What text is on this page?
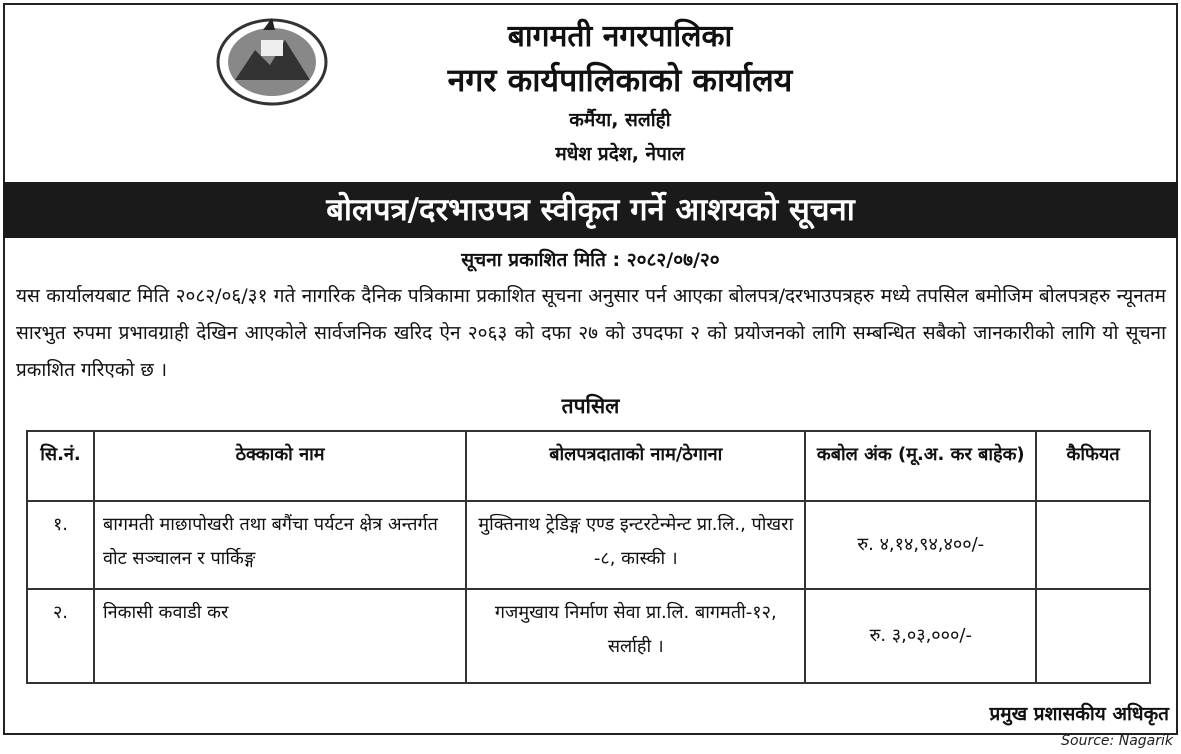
बागमती नगरपालिका
नगर कार्यपालिकाको कार्यालय
कर्मैया, सर्लाही
मधेश प्रदेश, नेपाल
बोलपत्र/दरभाउपत्र स्वीकृत गर्ने आशयको सूचना
सूचना प्रकाशित मिति : २०८२/०७/२०
यस कार्यालयबाट मिति २०८२/०६/३१ गते नागरिक दैनिक पत्रिकामा प्रकाशित सूचना अनुसार पर्न आएका बोलपत्र/दरभाउपत्रहरु मध्ये तपसिल बमोजिम बोलपत्रहरु न्यूनतम सारभुत रुपमा प्रभावग्राही देखिन आएकोले सार्वजनिक खरिद ऐन २०६३ को दफा २७ को उपदफा २ को प्रयोजनको लागि सम्बन्धित सबैको जानकारीको लागि यो सूचना प्रकाशित गरिएको छ ।
तपसिल
सि.नं.	ठेक्काको नाम	बोलपत्रदाताको नाम/ठेगाना	कबोल अंक (मू.अ. कर बाहेक)	कैफियत
१.	बागमती माछापोखरी तथा बगैंचा पर्यटन क्षेत्र अन्तर्गत वोट सञ्चालन र पार्किङ्ग	मुक्तिनाथ ट्रेडिङ्ग एण्ड इन्टरटेन्मेन्ट प्रा.लि., पोखरा -८, कास्की ।	रु. ४,१४,९४,४००/-	
२.	निकासी कवाडी कर	गजमुखाय निर्माण सेवा प्रा.लि. बागमती-१२, सर्लाही ।	रु. ३,०३,०००/-	
प्रमुख प्रशासकीय अधिकृत
Source: Nagarik
